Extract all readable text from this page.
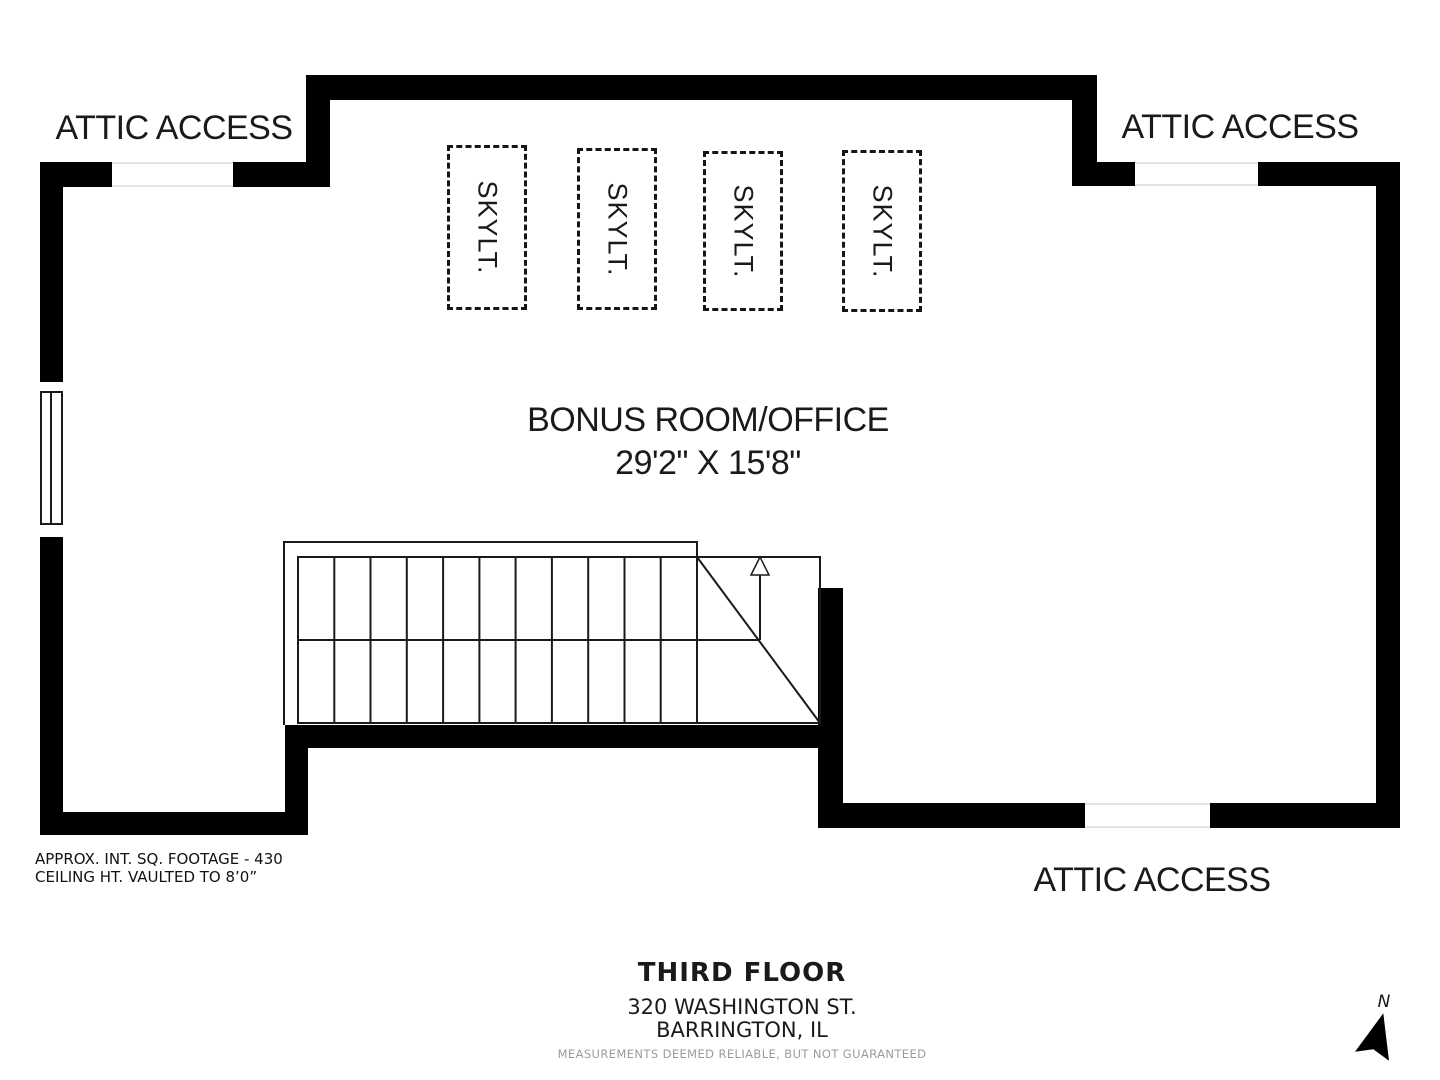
SKYLT.	SKYLT.	SKYLT.	SKYLT.
ATTIC ACCESS	ATTIC ACCESS
ATTIC ACCESS
BONUS ROOM/OFFICE
29'2" X 15'8"
APPROX. INT. SQ. FOOTAGE - 430
CEILING HT. VAULTED TO 8’0”
THIRD FLOOR
320 WASHINGTON ST.
BARRINGTON, IL
MEASUREMENTS DEEMED RELIABLE, BUT NOT GUARANTEED
N
